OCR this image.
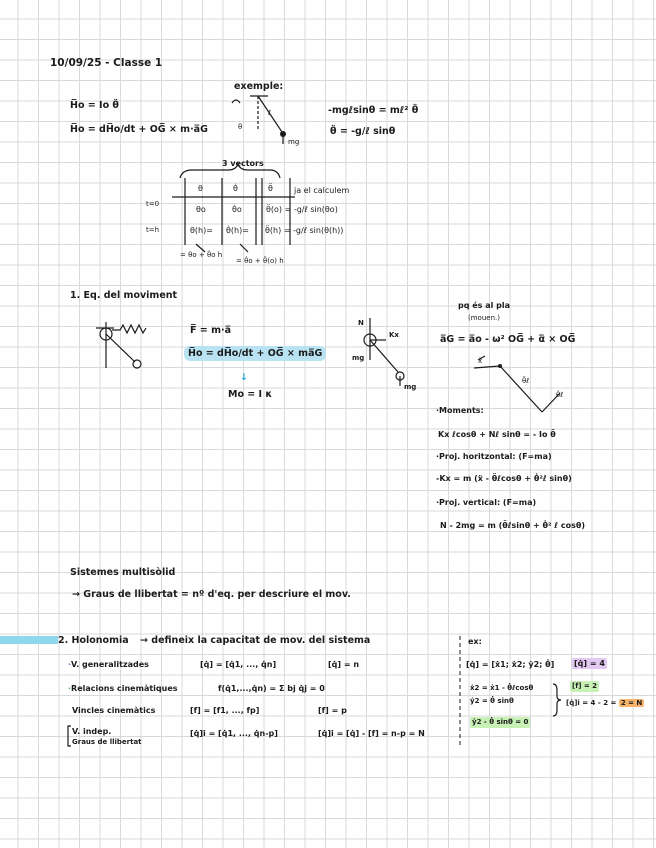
10/09/25 - Classe 1
H̅o = Io θ̈
H̅o = dH̅o/dt + OG̅ × m·a̅G
exemple:
θ
ℓ
mg
-mgℓsinθ = mℓ² θ̈
θ̈ = -g/ℓ sinθ
3 vectors
t=0
t=h
θ	θ̇	θ̈	ja el calculem
θo	θ̇o	θ̈(o) = -g/ℓ sin(θo)
θ(h)= θ̇(h)= θ̈(h) = -g/ℓ sin(θ(h))
= θo + θ̇o h
= θ̇o + θ̈(o) h
1. Eq. del moviment
F̅ = m·a̅
H̅o = dH̅o/dt + OG̅ × ma̅G
↓
Mo = I κ
N
Kx
mg
mg
pq és al pla
(mouen.)
a̅G = a̅o - ω² OG̅ + α̅ × OG̅
ẍ
θ̈ℓ
θ̇ℓ
·Moments:
Kx ℓcosθ + Nℓ sinθ = - Io θ̈
·Proj. horitzontal: (F=ma)
-Kx = m (ẍ - θ̈ℓcosθ + θ̇²ℓ sinθ)
·Proj. vertical: (F=ma)
N - 2mg = m (θ̈ℓsinθ + θ̇² ℓ cosθ)
Sistemes multisòlid
→ Graus de llibertat = nº d'eq. per descriure el mov.
2. Holonomia → defineix la capacitat de mov. del sistema
·V. generalitzades	[q̇] = [q̇1, ..., q̇n]	[q̇] = n
·Relacions cinemàtiques	f(q̇1,...,q̇n) = Σ bj q̇j = 0
Vincles cinemàtics	[f] = [f1, ..., fp]	[f] = p
V. indep.
Graus de llibertat
[q̇]i = [q̇1, ..., q̇n-p]	[q̇]i = [q̇] - [f] = n-p = N
ex:
[q̇] = [ẋ1; ẋ2; ẏ2; θ̇] [q̇] = 4
ẋ2 = ẋ1 - θ̇ℓcosθ
ẏ2 = θ̇ sinθ
[f] = 2
[q̇]i = 4 - 2 = 2 = N
ẏ2 - θ̇ sinθ = 0
